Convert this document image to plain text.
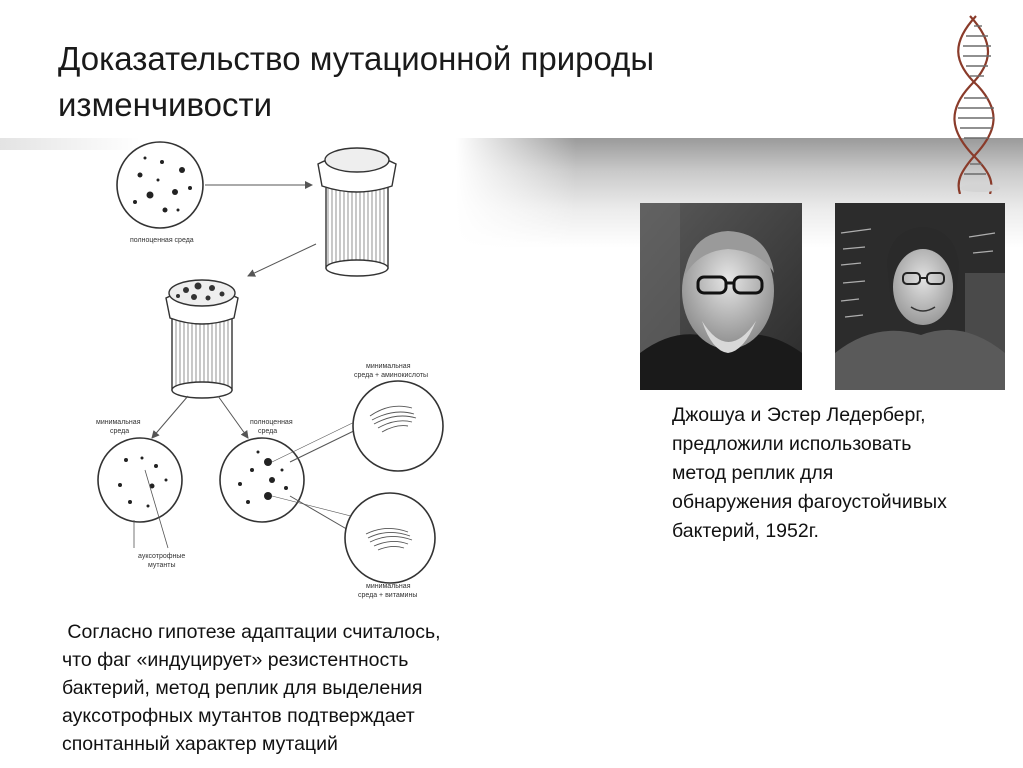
Доказательство мутационной природы изменчивости
полноценная среда
минимальная
среда
полноценная
среда
ауксотрофные
мутанты
минимальная
среда + аминокислоты
минимальная
среда + витамины
Джошуа и Эстер Ледерберг,
предложили использовать
метод реплик для
обнаружения фагоустойчивых
бактерий, 1952г.
Согласно гипотезе адаптации считалось,
что фаг «индуцирует» резистентность
бактерий, метод реплик для выделения
ауксотрофных мутантов подтверждает
спонтанный характер мутаций
